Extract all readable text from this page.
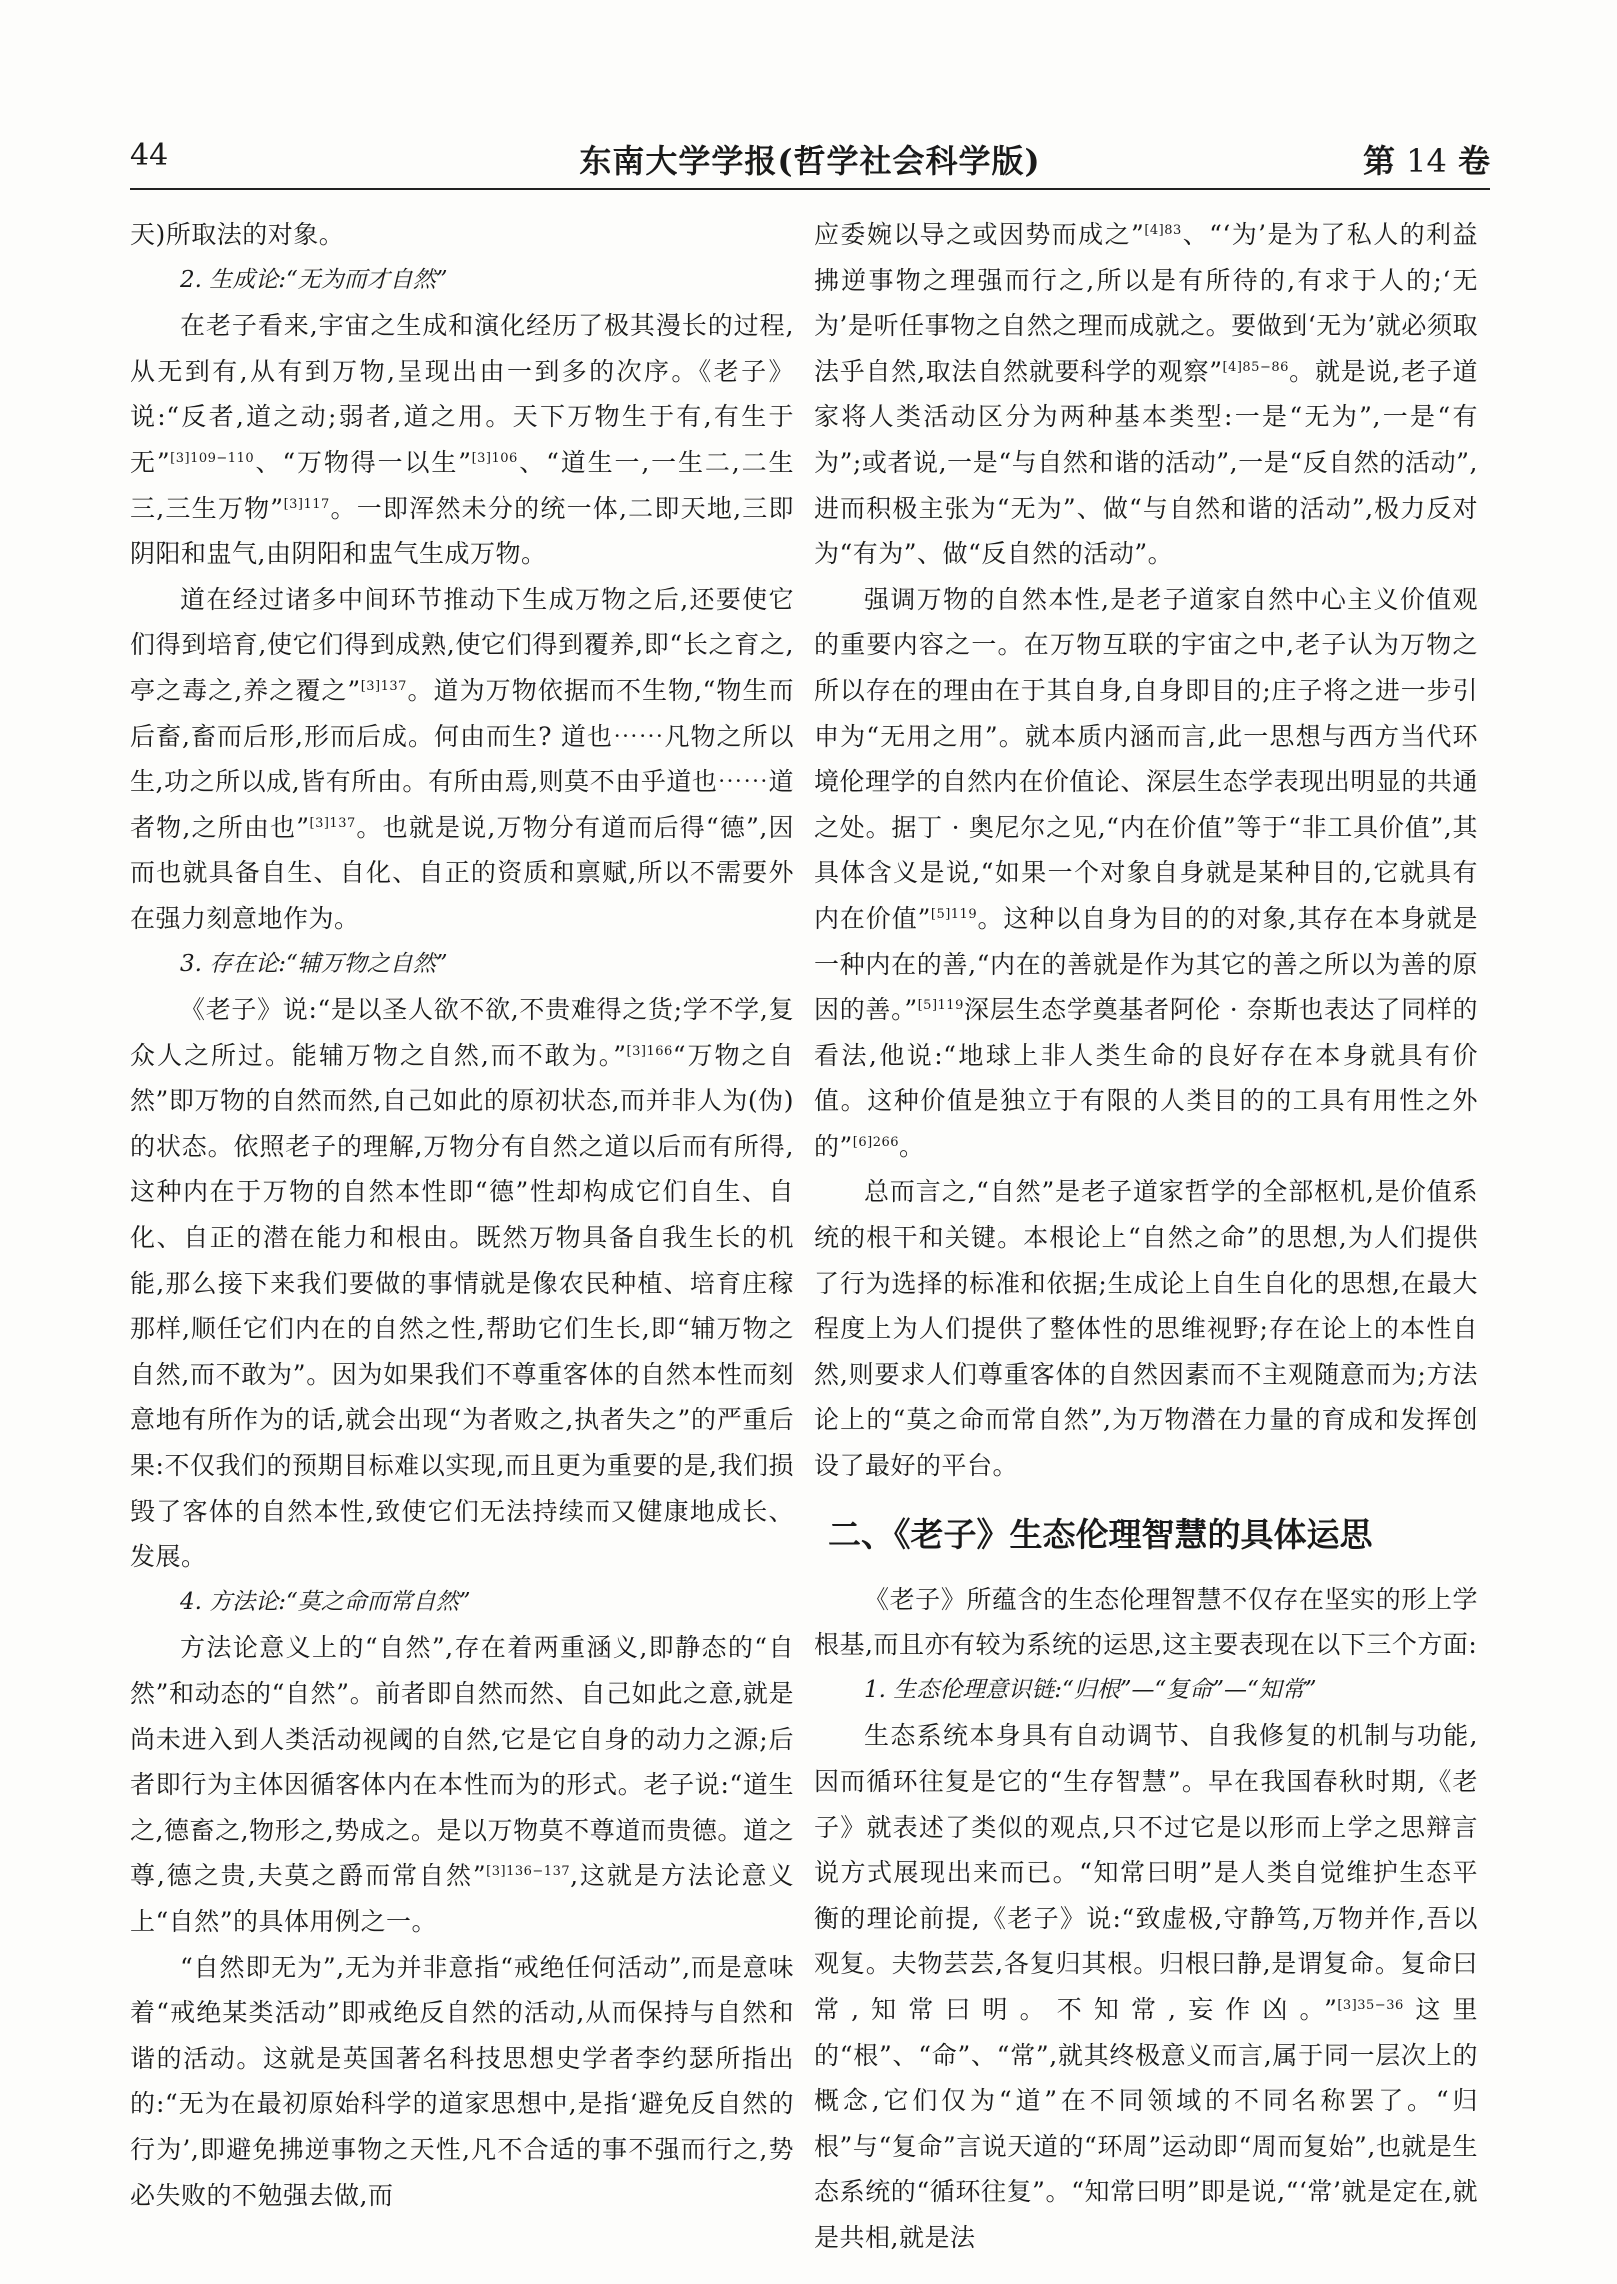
44	东南大学学报(哲学社会科学版)	第 14 卷

天)所取法的对象。

2. 生成论:“无为而才自然”

在老子看来,宇宙之生成和演化经历了极其漫长的过程,从无到有,从有到万物,呈现出由一到多的次序。《老子》说:“反者,道之动;弱者,道之用。天下万物生于有,有生于无”$^{[3]109-110}$、“万物得一以生”$^{[3]106}$、“道生一,一生二,二生三,三生万物”$^{[3]117}$。一即浑然未分的统一体,二即天地,三即阴阳和盅气,由阴阳和盅气生成万物。

道在经过诸多中间环节推动下生成万物之后,还要使它们得到培育,使它们得到成熟,使它们得到覆养,即“长之育之,亭之毒之,养之覆之”$^{[3]137}$。道为万物依据而不生物,“物生而后畜,畜而后形,形而后成。何由而生? 道也⋯⋯凡物之所以生,功之所以成,皆有所由。有所由焉,则莫不由乎道也⋯⋯道者物,之所由也”$^{[3]137}$。也就是说,万物分有道而后得“德”,因而也就具备自生、自化、自正的资质和禀赋,所以不需要外在强力刻意地作为。

3. 存在论:“辅万物之自然”

《老子》说:“是以圣人欲不欲,不贵难得之货;学不学,复众人之所过。能辅万物之自然,而不敢为。”$^{[3]166}$“万物之自然”即万物的自然而然,自己如此的原初状态,而并非人为(伪)的状态。依照老子的理解,万物分有自然之道以后而有所得,这种内在于万物的自然本性即“德”性却构成它们自生、自化、自正的潜在能力和根由。既然万物具备自我生长的机能,那么接下来我们要做的事情就是像农民种植、培育庄稼那样,顺任它们内在的自然之性,帮助它们生长,即“辅万物之自然,而不敢为”。因为如果我们不尊重客体的自然本性而刻意地有所作为的话,就会出现“为者败之,执者失之”的严重后果:不仅我们的预期目标难以实现,而且更为重要的是,我们损毁了客体的自然本性,致使它们无法持续而又健康地成长、发展。

4. 方法论:“莫之命而常自然”

方法论意义上的“自然”,存在着两重涵义,即静态的“自然”和动态的“自然”。前者即自然而然、自己如此之意,就是尚未进入到人类活动视阈的自然,它是它自身的动力之源;后者即行为主体因循客体内在本性而为的形式。老子说:“道生之,德畜之,物形之,势成之。是以万物莫不尊道而贵德。道之尊,德之贵,夫莫之爵而常自然”$^{[3]136-137}$,这就是方法论意义上“自然”的具体用例之一。

“自然即无为”,无为并非意指“戒绝任何活动”,而是意味着“戒绝某类活动”即戒绝反自然的活动,从而保持与自然和谐的活动。这就是英国著名科技思想史学者李约瑟所指出的:“无为在最初原始科学的道家思想中,是指‘避免反自然的行为’,即避免拂逆事物之天性,凡不合适的事不强而行之,势必失败的不勉强去做,而

应委婉以导之或因势而成之”$^{[4]83}$、“‘为’是为了私人的利益拂逆事物之理强而行之,所以是有所待的,有求于人的;‘无为’是听任事物之自然之理而成就之。要做到‘无为’就必须取法乎自然,取法自然就要科学的观察”$^{[4]85-86}$。就是说,老子道家将人类活动区分为两种基本类型:一是“无为”,一是“有为”;或者说,一是“与自然和谐的活动”,一是“反自然的活动”,进而积极主张为“无为”、做“与自然和谐的活动”,极力反对为“有为”、做“反自然的活动”。

强调万物的自然本性,是老子道家自然中心主义价值观的重要内容之一。在万物互联的宇宙之中,老子认为万物之所以存在的理由在于其自身,自身即目的;庄子将之进一步引申为“无用之用”。就本质内涵而言,此一思想与西方当代环境伦理学的自然内在价值论、深层生态学表现出明显的共通之处。据丁 · 奥尼尔之见,“内在价值”等于“非工具价值”,其具体含义是说,“如果一个对象自身就是某种目的,它就具有内在价值”$^{[5]119}$。这种以自身为目的的对象,其存在本身就是一种内在的善,“内在的善就是作为其它的善之所以为善的原因的善。”$^{[5]119}$深层生态学奠基者阿伦 · 奈斯也表达了同样的看法,他说:“地球上非人类生命的良好存在本身就具有价值。这种价值是独立于有限的人类目的的工具有用性之外的”$^{[6]266}$。

总而言之,“自然”是老子道家哲学的全部枢机,是价值系统的根干和关键。本根论上“自然之命”的思想,为人们提供了行为选择的标准和依据;生成论上自生自化的思想,在最大程度上为人们提供了整体性的思维视野;存在论上的本性自然,则要求人们尊重客体的自然因素而不主观随意而为;方法论上的“莫之命而常自然”,为万物潜在力量的育成和发挥创设了最好的平台。

二、《老子》生态伦理智慧的具体运思

《老子》所蕴含的生态伦理智慧不仅存在坚实的形上学根基,而且亦有较为系统的运思,这主要表现在以下三个方面:

1. 生态伦理意识链:“归根”—“复命”—“知常”

生态系统本身具有自动调节、自我修复的机制与功能,因而循环往复是它的“生存智慧”。早在我国春秋时期,《老子》就表述了类似的观点,只不过它是以形而上学之思辩言说方式展现出来而已。“知常曰明”是人类自觉维护生态平衡的理论前提,《老子》说:“致虚极,守静笃,万物并作,吾以观复。夫物芸芸,各复归其根。归根曰静,是谓复命。复命曰常,知常曰明。不知常,妄作凶。”$^{[3]35-36}$这里的“根”、“命”、“常”,就其终极意义而言,属于同一层次上的概念,它们仅为“道”在不同领域的不同名称罢了。“归根”与“复命”言说天道的“环周”运动即“周而复始”,也就是生态系统的“循环往复”。“知常曰明”即是说,“‘常’就是定在,就是共相,就是法
